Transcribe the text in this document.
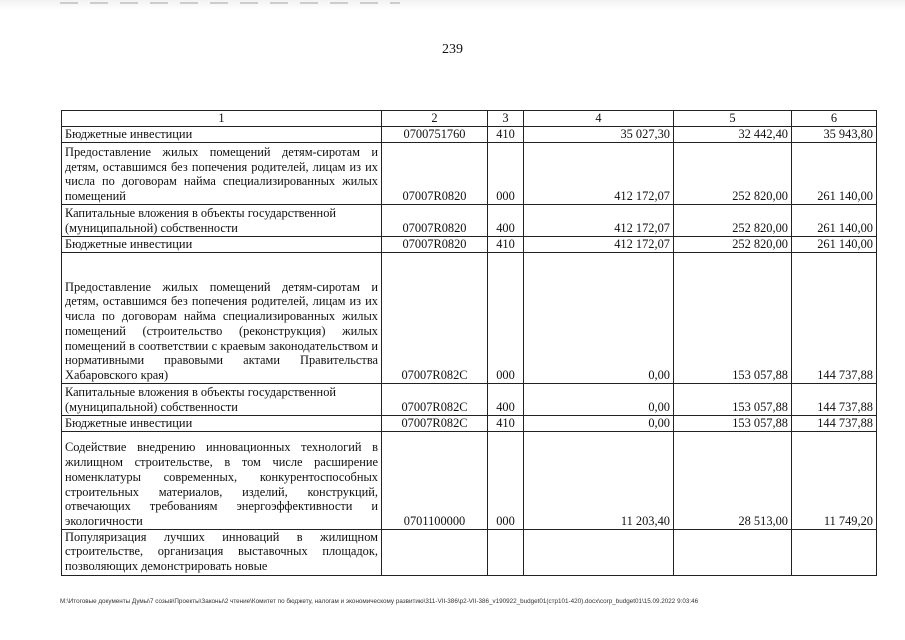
239
1	2	3	4	5	6
Бюджетные инвестиции	0700751760	410	35 027,30	32 442,40	35 943,80
Предоставление жилых помещений детям-сиротам и детям, оставшимся без попечения родителей, лицам из их числа по договорам найма специализированных жилых помещений	07007R0820	000	412 172,07	252 820,00	261 140,00
Капитальные вложения в объекты государственной (муниципальной) собственности	07007R0820	400	412 172,07	252 820,00	261 140,00
Бюджетные инвестиции	07007R0820	410	412 172,07	252 820,00	261 140,00
Предоставление жилых помещений детям-сиротам и детям, оставшимся без попечения родителей, лицам из их числа по договорам найма специализированных жилых помещений (строительство (реконструкция) жилых помещений в соответствии с краевым законодательством и нормативными правовыми актами Правительства Хабаровского края)	07007R082C	000	0,00	153 057,88	144 737,88
Капитальные вложения в объекты государственной (муниципальной) собственности	07007R082C	400	0,00	153 057,88	144 737,88
Бюджетные инвестиции	07007R082C	410	0,00	153 057,88	144 737,88
Содействие внедрению инновационных технологий в жилищном строительстве, в том числе расширение номенклатуры современных, конкурентоспособных строительных материалов, изделий, конструкций, отвечающих требованиям энергоэффективности и экологичности	0701100000	000	11 203,40	28 513,00	11 749,20
Популяризация лучших инноваций в жилищном строительстве, организация выставочных площадок, позволяющих демонстрировать новые					
M:\Итоговые документы Думы\7 созыв\Проекты\Законы\2 чтение\Комитет по бюджету, налогам и экономическому развитию\311-VII-386\p2-VII-386_v190922_budget01(стр101-420).docx\corp_budget01\15.09.2022 9:03:46
